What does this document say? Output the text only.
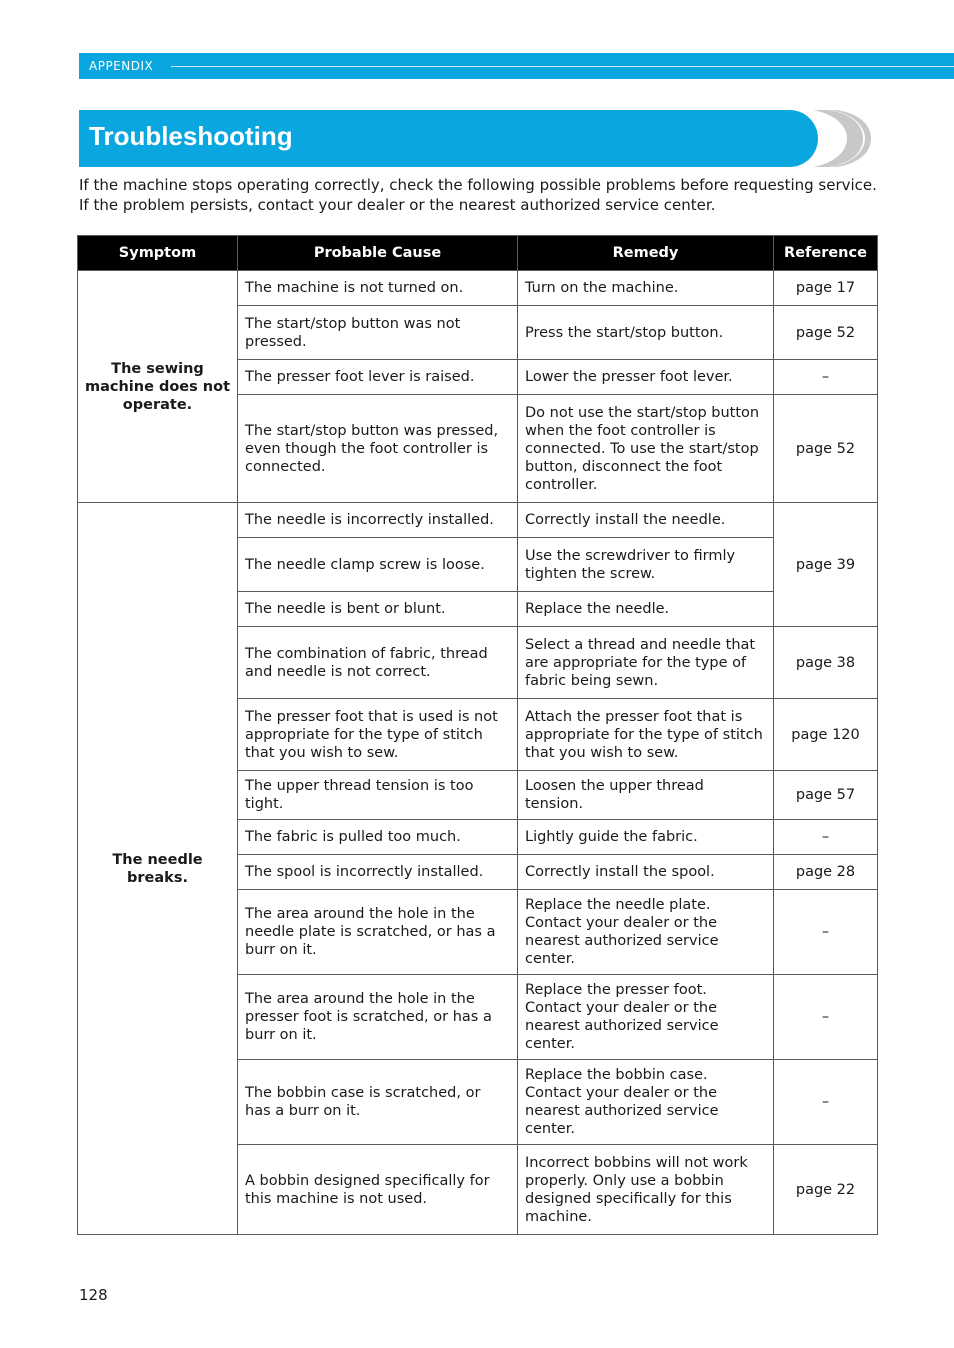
APPENDIX
Troubleshooting

If the machine stops operating correctly, check the following possible problems before requesting service.

If the problem persists, contact your dealer or the nearest authorized service center.

Symptom	Probable Cause	Remedy	Reference
The sewing machine does not operate.	The machine is not turned on.	Turn on the machine.	page 17
	The start/stop button was not pressed.	Press the start/stop button.	page 52
	The presser foot lever is raised.	Lower the presser foot lever.	–
	The start/stop button was pressed, even though the foot controller is connected.	Do not use the start/stop button when the foot controller is connected. To use the start/stop button, disconnect the foot controller.	page 52
The needle breaks.	The needle is incorrectly installed.	Correctly install the needle.	page 39
	The needle clamp screw is loose.	Use the screwdriver to firmly tighten the screw.	
	The needle is bent or blunt.	Replace the needle.	
	The combination of fabric, thread and needle is not correct.	Select a thread and needle that are appropriate for the type of fabric being sewn.	page 38
	The presser foot that is used is not appropriate for the type of stitch that you wish to sew.	Attach the presser foot that is appropriate for the type of stitch that you wish to sew.	page 120
	The upper thread tension is too tight.	Loosen the upper thread tension.	page 57
	The fabric is pulled too much.	Lightly guide the fabric.	–
	The spool is incorrectly installed.	Correctly install the spool.	page 28
	The area around the hole in the needle plate is scratched, or has a burr on it.	Replace the needle plate. Contact your dealer or the nearest authorized service center.	–
	The area around the hole in the presser foot is scratched, or has a burr on it.	Replace the presser foot. Contact your dealer or the nearest authorized service center.	–
	The bobbin case is scratched, or has a burr on it.	Replace the bobbin case. Contact your dealer or the nearest authorized service center.	–
	A bobbin designed specifically for this machine is not used.	Incorrect bobbins will not work properly. Only use a bobbin designed specifically for this machine.	page 22
128
